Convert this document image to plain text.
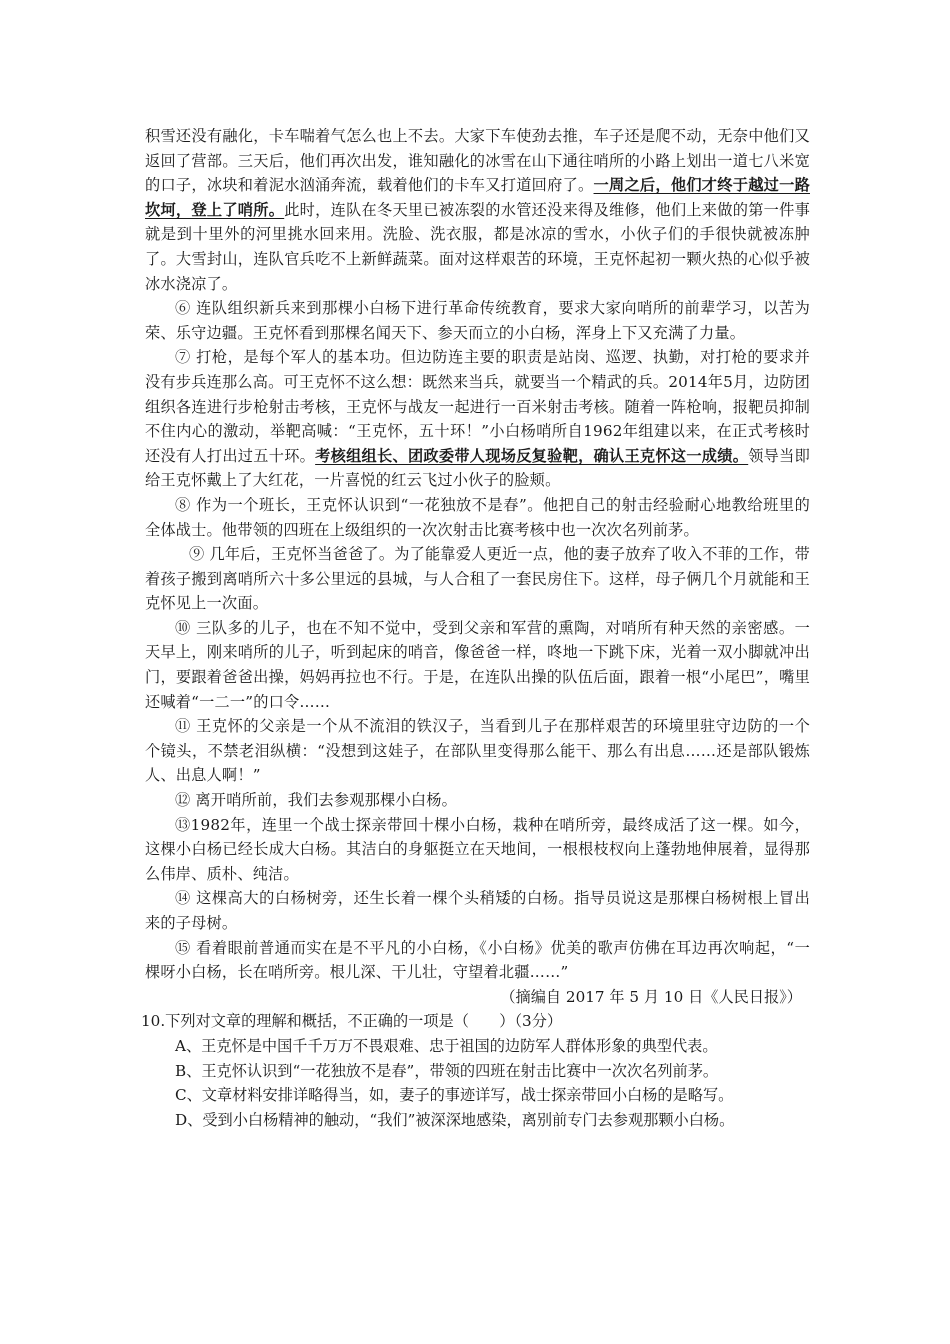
积雪还没有融化，卡车喘着气怎么也上不去。大家下车使劲去推，车子还是爬不动，无奈中他们又返回了营部。三天后，他们再次出发，谁知融化的冰雪在山下通往哨所的小路上划出一道七八米宽的口子，冰块和着泥水汹涌奔流，载着他们的卡车又打道回府了。一周之后，他们才终于越过一路坎坷，登上了哨所。此时，连队在冬天里已被冻裂的水管还没来得及维修，他们上来做的第一件事就是到十里外的河里挑水回来用。洗脸、洗衣服，都是冰凉的雪水，小伙子们的手很快就被冻肿了。大雪封山，连队官兵吃不上新鲜蔬菜。面对这样艰苦的环境，王克怀起初一颗火热的心似乎被冰水浇凉了。

⑥ 连队组织新兵来到那棵小白杨下进行革命传统教育，要求大家向哨所的前辈学习，以苦为荣、乐守边疆。王克怀看到那棵名闻天下、参天而立的小白杨，浑身上下又充满了力量。

⑦ 打枪，是每个军人的基本功。但边防连主要的职责是站岗、巡逻、执勤，对打枪的要求并没有步兵连那么高。可王克怀不这么想：既然来当兵，就要当一个精武的兵。2014年5月，边防团组织各连进行步枪射击考核，王克怀与战友一起进行一百米射击考核。随着一阵枪响，报靶员抑制不住内心的激动，举靶高喊：“王克怀，五十环！”小白杨哨所自1962年组建以来，在正式考核时还没有人打出过五十环。考核组组长、团政委带人现场反复验靶，确认王克怀这一成绩。领导当即给王克怀戴上了大红花，一片喜悦的红云飞过小伙子的脸颊。

⑧ 作为一个班长，王克怀认识到“一花独放不是春”。他把自己的射击经验耐心地教给班里的全体战士。他带领的四班在上级组织的一次次射击比赛考核中也一次次名列前茅。

⑨ 几年后，王克怀当爸爸了。为了能靠爱人更近一点，他的妻子放弃了收入不菲的工作，带着孩子搬到离哨所六十多公里远的县城，与人合租了一套民房住下。这样，母子俩几个月就能和王克怀见上一次面。

⑩ 三队多的儿子，也在不知不觉中，受到父亲和军营的熏陶，对哨所有种天然的亲密感。一天早上，刚来哨所的儿子，听到起床的哨音，像爸爸一样，咚地一下跳下床，光着一双小脚就冲出门，要跟着爸爸出操，妈妈再拉也不行。于是，在连队出操的队伍后面，跟着一根“小尾巴”，嘴里还喊着“一二一”的口令……

⑪ 王克怀的父亲是一个从不流泪的铁汉子，当看到儿子在那样艰苦的环境里驻守边防的一个个镜头，不禁老泪纵横：“没想到这娃子，在部队里变得那么能干、那么有出息……还是部队锻炼人、出息人啊！”

⑫ 离开哨所前，我们去参观那棵小白杨。

⑬1982年，连里一个战士探亲带回十棵小白杨，栽种在哨所旁，最终成活了这一棵。如今，这棵小白杨已经长成大白杨。其洁白的身躯挺立在天地间，一根根枝杈向上蓬勃地伸展着，显得那么伟岸、质朴、纯洁。

⑭ 这棵高大的白杨树旁，还生长着一棵个头稍矮的白杨。指导员说这是那棵白杨树根上冒出来的子母树。

⑮ 看着眼前普通而实在是不平凡的小白杨，《小白杨》优美的歌声仿佛在耳边再次响起，“一棵呀小白杨，长在哨所旁。根儿深、干儿壮，守望着北疆……”

（摘编自 2017 年 5 月 10 日《人民日报》）

10.下列对文章的理解和概括，不正确的一项是（　　）（3分）

A、王克怀是中国千千万万不畏艰难、忠于祖国的边防军人群体形象的典型代表。

B、王克怀认识到“一花独放不是春”，带领的四班在射击比赛中一次次名列前茅。

C、文章材料安排详略得当，如，妻子的事迹详写，战士探亲带回小白杨的是略写。

D、受到小白杨精神的触动，“我们”被深深地感染，离别前专门去参观那颗小白杨。
